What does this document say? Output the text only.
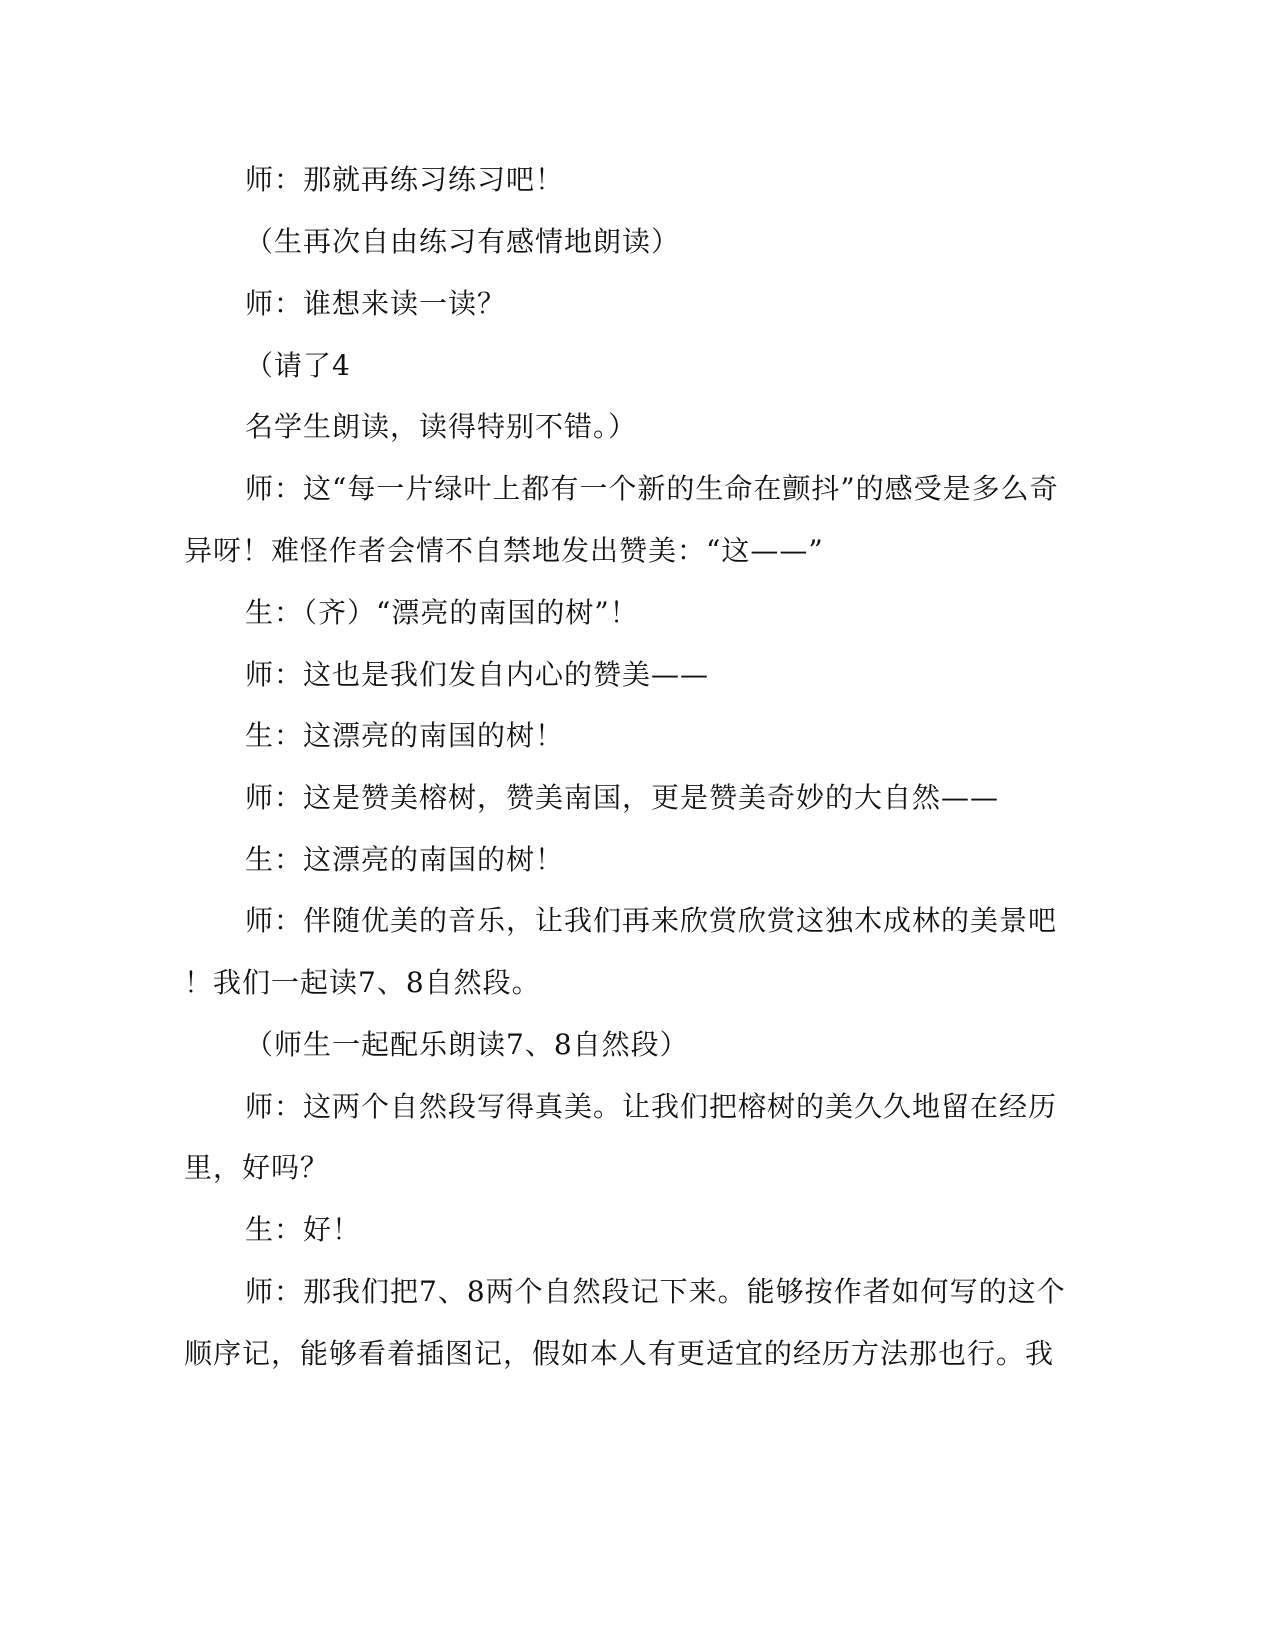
师：那就再练习练习吧！
（生再次自由练习有感情地朗读）
师：谁想来读一读？
（请了4
名学生朗读，读得特别不错。）
师：这“每一片绿叶上都有一个新的生命在颤抖”的感受是多么奇
异呀！难怪作者会情不自禁地发出赞美：“这——”
生：（齐）“漂亮的南国的树”！
师：这也是我们发自内心的赞美——
生：这漂亮的南国的树！
师：这是赞美榕树，赞美南国，更是赞美奇妙的大自然——
生：这漂亮的南国的树！
师：伴随优美的音乐，让我们再来欣赏欣赏这独木成林的美景吧
！我们一起读7、8自然段。
（师生一起配乐朗读7、8自然段）
师：这两个自然段写得真美。让我们把榕树的美久久地留在经历
里，好吗？
生：好！
师：那我们把7、8两个自然段记下来。能够按作者如何写的这个
顺序记，能够看着插图记，假如本人有更适宜的经历方法那也行。我
